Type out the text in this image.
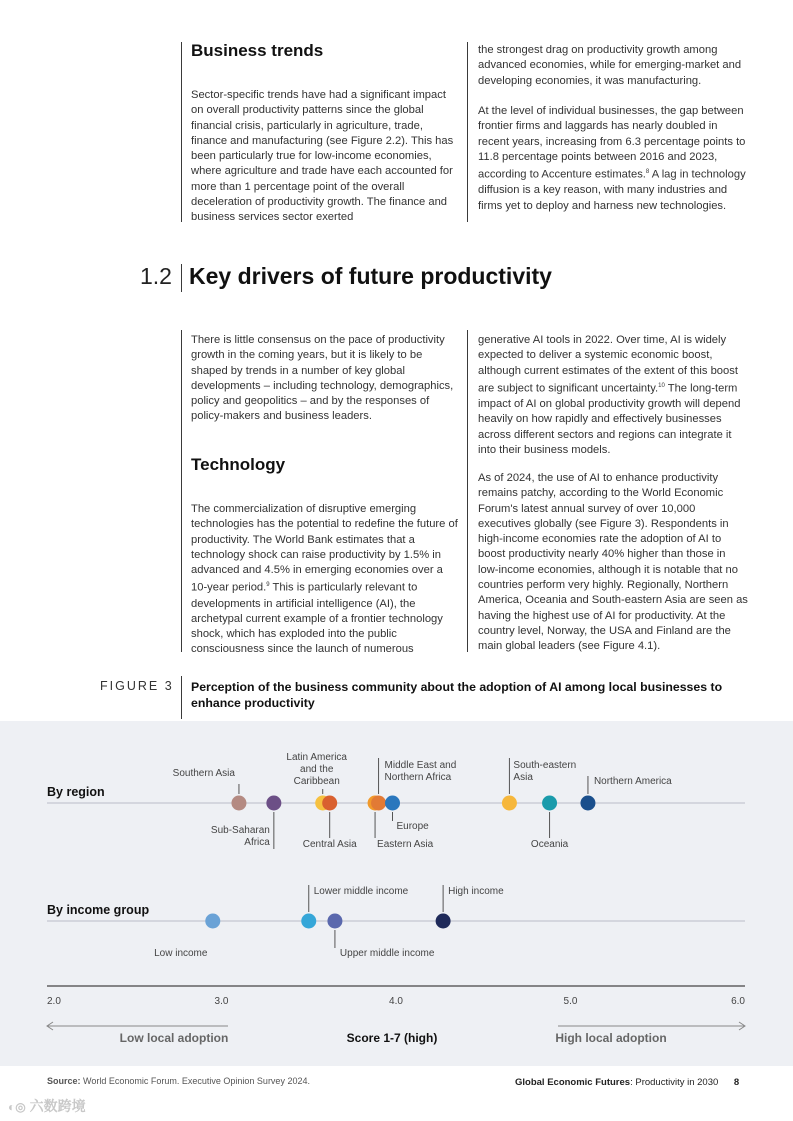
Business trends
Sector-specific trends have had a significant impact on overall productivity patterns since the global financial crisis, particularly in agriculture, trade, finance and manufacturing (see Figure 2.2). This has been particularly true for low-income economies, where agriculture and trade have each accounted for more than 1 percentage point of the overall deceleration of productivity growth. The finance and business services sector exerted
the strongest drag on productivity growth among advanced economies, while for emerging-market and developing economies, it was manufacturing.
At the level of individual businesses, the gap between frontier firms and laggards has nearly doubled in recent years, increasing from 6.3 percentage points to 11.8 percentage points between 2016 and 2023, according to Accenture estimates.$^8$ A lag in technology diffusion is a key reason, with many industries and firms yet to deploy and harness new technologies.
1.2 Key drivers of future productivity
There is little consensus on the pace of productivity growth in the coming years, but it is likely to be shaped by trends in a number of key global developments – including technology, demographics, policy and geopolitics – and by the responses of policy-makers and business leaders.
Technology
The commercialization of disruptive emerging technologies has the potential to redefine the future of productivity. The World Bank estimates that a technology shock can raise productivity by 1.5% in advanced and 4.5% in emerging economies over a 10-year period.$^9$ This is particularly relevant to developments in artificial intelligence (AI), the archetypal current example of a frontier technology shock, which has exploded into the public consciousness since the launch of numerous
generative AI tools in 2022. Over time, AI is widely expected to deliver a systemic economic boost, although current estimates of the extent of this boost are subject to significant uncertainty.$^{10}$ The long-term impact of AI on global productivity growth will depend heavily on how rapidly and effectively businesses across different sectors and regions can integrate it into their business models.
As of 2024, the use of AI to enhance productivity remains patchy, according to the World Economic Forum's latest annual survey of over 10,000 executives globally (see Figure 3). Respondents in high-income economies rate the adoption of AI to boost productivity nearly 40% higher than those in low-income economies, although it is notable that no countries perform very highly. Regionally, Northern America, Oceania and South-eastern Asia are seen as having the highest use of AI for productivity. At the country level, Norway, the USA and Finland are the main global leaders (see Figure 4.1).
FIGURE 3 Perception of the business community about the adoption of AI among local businesses to enhance productivity
By region
Southern Asia
Sub-Saharan
Africa
Latin America
and the
Caribbean
Central Asia Eastern Asia
Middle East and
Northern Africa
Europe
South-eastern
Asia
Oceania
Northern America
By income group
Low income
Lower middle income
Upper middle income
High income
2.0	3.0	4.0	5.0	6.0
Low local adoption	Score 1-7 (high)	High local adoption
Source: World Economic Forum. Executive Opinion Survey 2024.	Global Economic Futures: Productivity in 2030 8
◐◎ 六数跨境
